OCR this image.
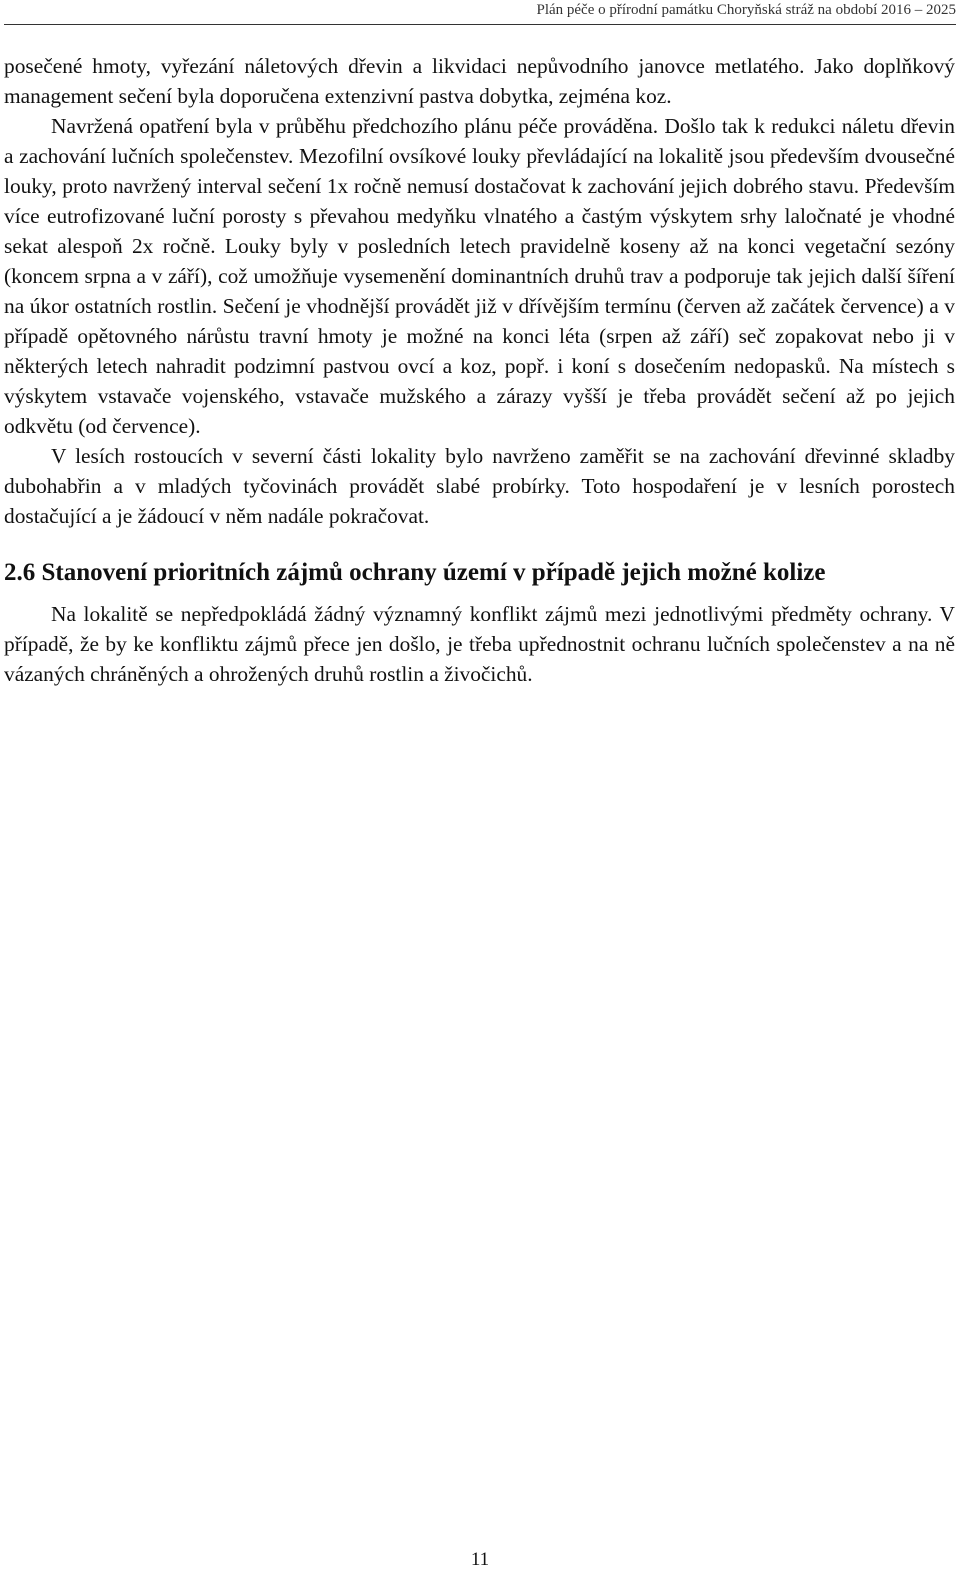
Plán péče o přírodní památku Choryňská stráž na období 2016 – 2025

posečené hmoty, vyřezání náletových dřevin a likvidaci nepůvodního janovce metlatého. Jako doplňkový management sečení byla doporučena extenzivní pastva dobytka, zejména koz.

Navržená opatření byla v průběhu předchozího plánu péče prováděna. Došlo tak k redukci náletu dřevin a zachování lučních společenstev. Mezofilní ovsíkové louky převládající na lokalitě jsou především dvousečné louky, proto navržený interval sečení 1x ročně nemusí dostačovat k zachování jejich dobrého stavu. Především více eutrofizované luční porosty s převahou medyňku vlnatého a častým výskytem srhy laločnaté je vhodné sekat alespoň 2x ročně. Louky byly v posledních letech pravidelně koseny až na konci vegetační sezóny (koncem srpna a v září), což umožňuje vysemenění dominantních druhů trav a podporuje tak jejich další šíření na úkor ostatních rostlin. Sečení je vhodnější provádět již v dřívějším termínu (červen až začátek července) a v případě opětovného nárůstu travní hmoty je možné na konci léta (srpen až září) seč zopakovat nebo ji v některých letech nahradit podzimní pastvou ovcí a koz, popř. i koní s dosečením nedopasků. Na místech s výskytem vstavače vojenského, vstavače mužského a zárazy vyšší je třeba provádět sečení až po jejich odkvětu (od července).

V lesích rostoucích v severní části lokality bylo navrženo zaměřit se na zachování dřevinné skladby dubohabřin a v mladých tyčovinách provádět slabé probírky. Toto hospodaření je v lesních porostech dostačující a je žádoucí v něm nadále pokračovat.

2.6 Stanovení prioritních zájmů ochrany území v případě jejich možné kolize

Na lokalitě se nepředpokládá žádný významný konflikt zájmů mezi jednotlivými předměty ochrany. V případě, že by ke konfliktu zájmů přece jen došlo, je třeba upřednostnit ochranu lučních společenstev a na ně vázaných chráněných a ohrožených druhů rostlin a živočichů.

11
